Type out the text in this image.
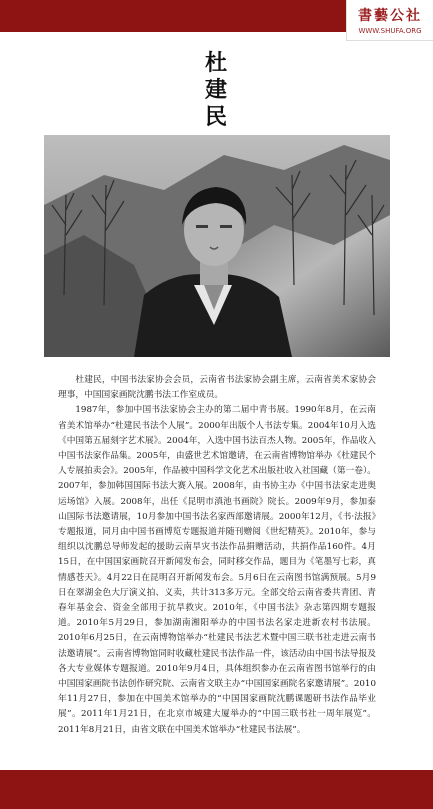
書藝公社
WWW.SHUFA.ORG
杜
建
民

杜建民，中国书法家协会会员，云南省书法家协会副主席，云南省美术家协会理事，中国国家画院沈鹏书法工作室成员。

1987年，参加中国书法家协会主办的第二届中青书展。1990年8月，在云南省美术馆举办“杜建民书法个人展”。2000年出版个人书法专集。2004年10月入选《中国第五届刻字艺术展》。2004年，入选中国书法百杰人物。2005年，作品收入中国书法家作品集。2005年，由盛世艺术馆邀请，在云南省博物馆举办《杜建民个人专展拍卖会》。2005年，作品被中国科学文化艺术出版社收入社国藏（第一卷）。2007年，参加韩国国际书法大赛入展。2008年，由书协主办《中国书法家走进奥运场馆》入展。2008年，出任《昆明市滇池书画院》院长。2009年9月，参加泰山国际书法邀请展，10月参加中国书法名家西部邀请展。2000年12月，《书·法报》专题报道，同月由中国书画博览专题报道并随刊赠阅《世纪精英》。2010年，参与组织以沈鹏总导师发起的援助云南旱灾书法作品捐赠活动，共捐作品160件。4月15日，在中国国家画院召开新闻发布会，同时移交作品，题目为《笔墨写七彩，真情感苍天》。4月22日在昆明召开新闻发布会。5月6日在云南图书馆满预展。5月9日在翠湖金色大厅演义拍、义卖，共计313多万元。全部交给云南省委共青团、青春年基金会、资金全部用于抗旱救灾。2010年，《中国书法》杂志第四期专题报道。2010年5月29日，参加湖南湘阳举办的中国书法名家走进新农村书法展。2010年6月25日，在云南博物馆举办“杜建民书法艺术暨中国三联书社走进云南书法邀请展”。云南省博物馆同时收藏杜建民书法作品一件，该活动由中国书法导报及各大专业媒体专题报道。2010年9月4日，具体组织参办在云南省图书馆举行的由中国国家画院书法创作研究院、云南省文联主办“中国国家画院名家邀请展”。2010年11月27日，参加在中国美术馆举办的“中国国家画院沈鹏课题研书法作品毕业展”。2011年1月21日，在北京市城建大厦举办的“中国三联书社一周年展览”。2011年8月21日，由省文联在中国美术馆举办“杜建民书法展”。
